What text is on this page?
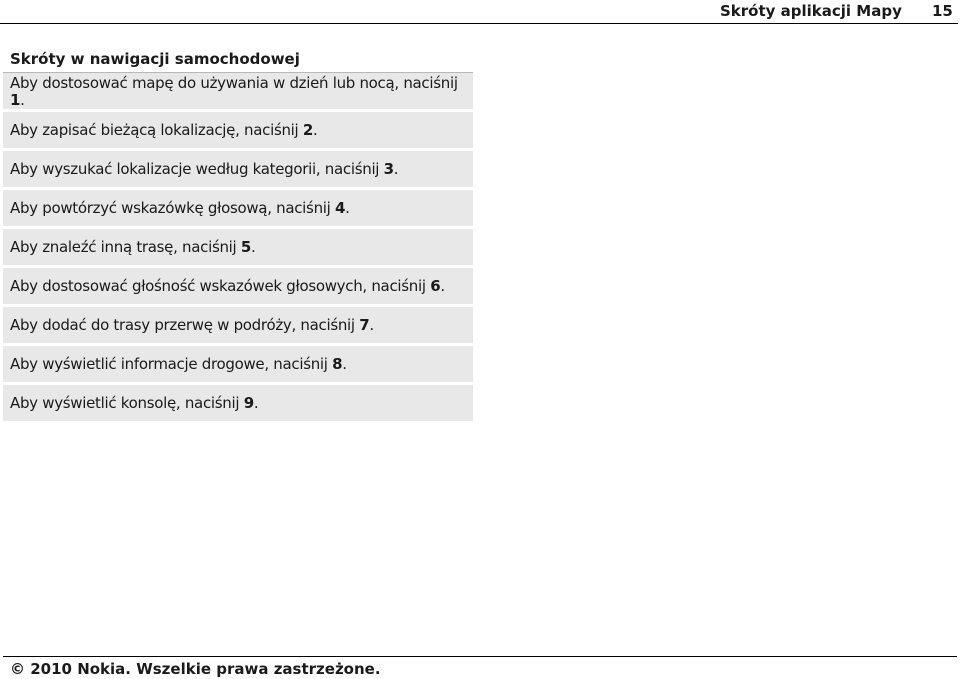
Skróty aplikacji Mapy	15
Skróty w nawigacji samochodowej
Aby dostosować mapę do używania w dzień lub nocą, naciśnij
1.
Aby zapisać bieżącą lokalizację, naciśnij 2.
Aby wyszukać lokalizacje według kategorii, naciśnij 3.
Aby powtórzyć wskazówkę głosową, naciśnij 4.
Aby znaleźć inną trasę, naciśnij 5.
Aby dostosować głośność wskazówek głosowych, naciśnij 6.
Aby dodać do trasy przerwę w podróży, naciśnij 7.
Aby wyświetlić informacje drogowe, naciśnij 8.
Aby wyświetlić konsolę, naciśnij 9.
© 2010 Nokia. Wszelkie prawa zastrzeżone.
